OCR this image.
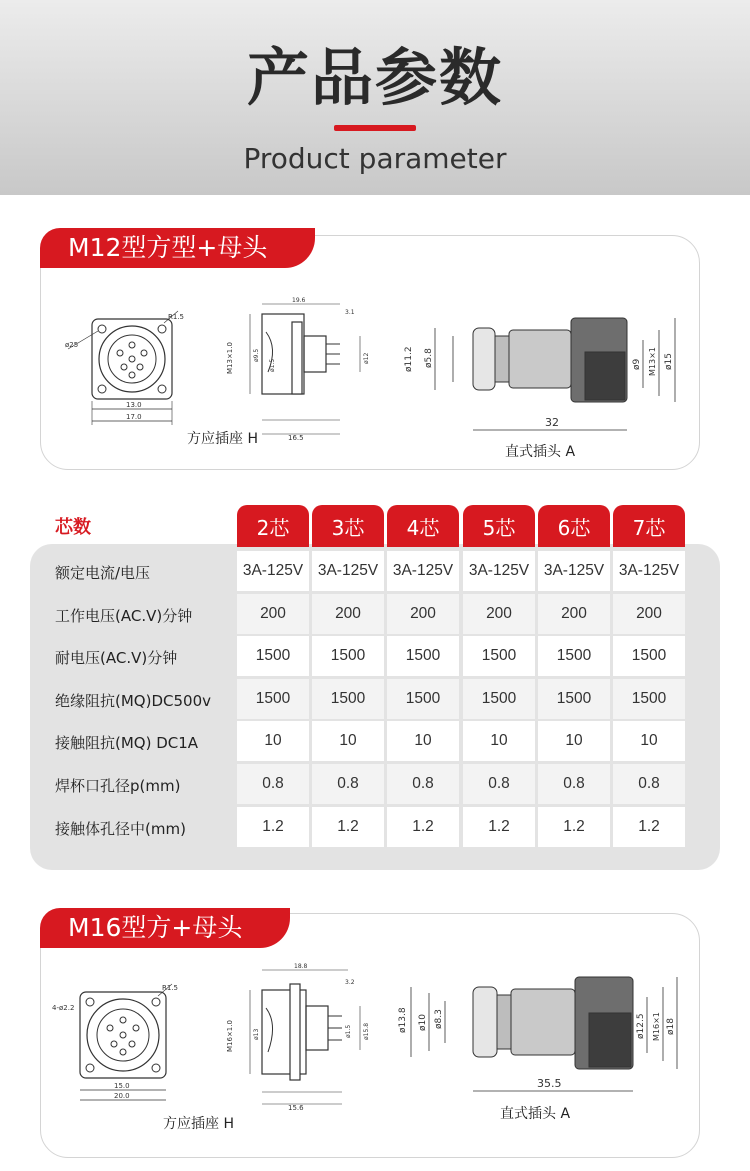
产品参数
Product parameter
M12型方型+母头
ø25
R1.5
13.0
17.0
19.6
3.1
M13×1.0	ø9.5
ø1.5
ø12
16.5
方应插座 H
ø11.2 ø5.8	ø9 M13×1 ø15
32
直式插头 A
芯数	2芯	3芯	4芯	5芯	6芯	7芯
额定电流/电压	3A-125V 3A-125V 3A-125V	3A-125V 3A-125V 3A-125V
工作电压(AC.V)分钟	200	200	200	200	200	200
耐电压(AC.V)分钟	1500	1500	1500	1500	1500	1500
绝缘阻抗(MQ)DC500v	1500	1500	1500	1500	1500	1500
接触阻抗(MQ) DC1A	10	10	10	10	10	10
焊杯口孔径p(mm)	0.8	0.8	0.8	0.8	0.8	0.8
接触体孔径中(mm)	1.2	1.2	1.2	1.2	1.2	1.2
M16型方+母头
4-ø2.2
R1.5
15.0
20.0
18.8
3.2
M16×1.0	ø13	ø1.5 ø15.8
15.6
方应插座 H
ø13.8 ø10 ø8.3	ø12.5 M16×1 ø18
35.5
直式插头 A
